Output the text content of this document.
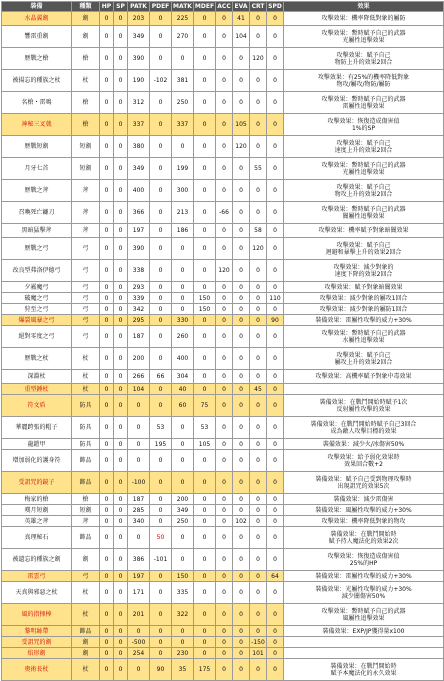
裝備	種類	HP	SP	PATK	PDEF	MATK	MDEF	ACC	EVA	CRT	SPD	效果
水晶翼劍	劍	0	0	203	0	225	0	0	41	0	0	攻擊效果：機率降低對象的屬防

響雷重劍	劍	0	0	349	0	270	0	0	104	0	0	攻擊效果：暫時賦予自己的武器
光屬性追擊效果

歷戰之槍	槍	0	0	390	0	0	0	0	0	120	0	攻擊效果：賦予自己
物防上升的效果2回合

被揚忘的種族之杖	杖	0	0	190	-102	381	0	0	0	0	0	攻擊效果：有25%的機率降低對象
物攻/屬攻/物防/屬防

名槍・雷鳴	槍	0	0	312	0	250	0	0	0	0	0	攻擊效果：暫時賦予自己的武器
雷屬性追擊效果

神秘三叉戟	槍	0	0	337	0	337	0	0	105	0	0	攻擊效果：恢復造成傷害值
1%的SP

歷戰短劍	短劍	0	0	380	0	0	0	0	120	0	0	攻擊效果：賦予自己
速度上升的效果2回合

月牙七首	短劍	0	0	349	0	199	0	0	0	55	0	攻擊效果：暫時賦予自己的武器
光屬性追擊效果

歷戰之斧	斧	0	0	400	0	300	0	0	0	0	0	攻擊效果：賦予自己
物攻上升的效果2回合

召喚死亡鐮刀	斧	0	0	366	0	213	0	-66	0	0	0	攻擊效果：暫時賦予自己的武器
闇屬性追擊效果

黑暗猛擊斧	斧	0	0	197	0	186	0	0	0	58	0	攻擊效果：機率賦予對象暗闇效果

歷戰之弓	弓	0	0	390	0	0	0	0	0	120	0	攻擊效果：賦予自己
迴避和暴擊上升的效果2回合

改良型弗洛伊德弓	弓	0	0	338	0	0	0	120	0	0	0	攻擊效果：減少對象的
速度下降的效果2回合

夕霧魔弓	弓	0	0	293	0	0	0	0	0	0	0	攻擊效果：賦予對象暗闇效果

破魔之弓	弓	0	0	339	0	0	150	0	0	0	110	攻擊效果：減少對象的屬攻1回合

狩至之弓	弓	0	0	342	0	0	150	0	0	0	0	攻擊效果：減少對象的屬防1回合

爆裂風暴之弓	弓	0	0	295	0	330	0	0	0	0	90	裝備效果：雷屬性攻擊的威力+30%

絕對零度之弓	弓	0	0	187	0	260	0	0	0	0	0	攻擊效果：暫時賦予自己的武器
水屬性追擊效果

歷戰之杖	杖	0	0	200	0	400	0	0	0	0	0	攻擊效果：賦予自己
屬攻上升的效果2回合

深淵杖	杖	0	0	266	66	304	0	0	0	0	0	攻擊效果：高機率賦予對象中毒效果

重型錘杖	杖	0	0	104	0	40	0	0	0	45	0	

符文盾	防具	0	0	0	0	60	75	0	0	0	0	裝備效果：在戰鬥開始時賦予1次
反射屬性攻擊的效果

華麗跨張的帽子	防具	0	0	0	53	0	53	0	0	0	0	裝備效果：在戰鬥開始時賦予自己3回合
成為敵人攻擊目標的效果

龍鎧甲	防具	0	0	0	195	0	105	0	0	0	0	裝備效果：減少火/冰傷害50%

增加弱化的護身符	飾品	0	0	0	0	0	0	0	0	0	0	攻擊效果：給予弱化效果時
效果回合數+2

受詛咒的鏡子	飾品	0	0	-100	0	0	0	0	0	0	0	裝備效果：賦予自己受到物理攻擊時
出現詛咒的效果5次

梅家的槍	槍	0	0	187	0	200	0	0	0	0	0	裝備效果：減少雷傷害

嘆月短劍	短劍	0	0	285	0	349	0	0	0	0	0	裝備效果：風屬性攻擊的威力+30%

英雄之斧	斧	0	0	340	0	250	0	0	102	0	0	攻擊效果：機率降低對象的物攻

真理秘石	飾品	0	0	0	50	0	0	0	0	0	0	裝備效果：在戰鬥開始時
賦予持人魔法化的效果2次

被遺忘的種族之劍	劍	0	0	386	-101	0	0	0	0	0	0	攻擊效果：恢復造成傷害值
25%的HP

雷雲弓	弓	0	0	197	0	150	0	0	0	0	64	裝備效果：雷屬性攻擊的威力+30%

天真與邪惡之杖	杖	0	0	171	0	335	0	0	0	0	0	裝備效果：光屬性攻擊的威力+30%
減少闇傷害50%

風的指揮棒	杖	0	0	201	0	322	0	0	0	0	0	攻擊效果：暫時賦予自己的武器
風屬性追擊效果

黎明絲帶	飾品	0	0	0	0	0	0	0	0	0	0	裝備效果：EXP/JP獲得量x100

受詛咒的劍	劍	0	0	-500	0	0	0	0	0	-150	0	

焰形劍	劍	0	0	254	0	230	0	0	0	101	0	

奧術長杖	杖	0	0	0	90	35	175	0	0	0	0	裝備效果：在戰鬥開始時
賦予本魔法化的永久效果
